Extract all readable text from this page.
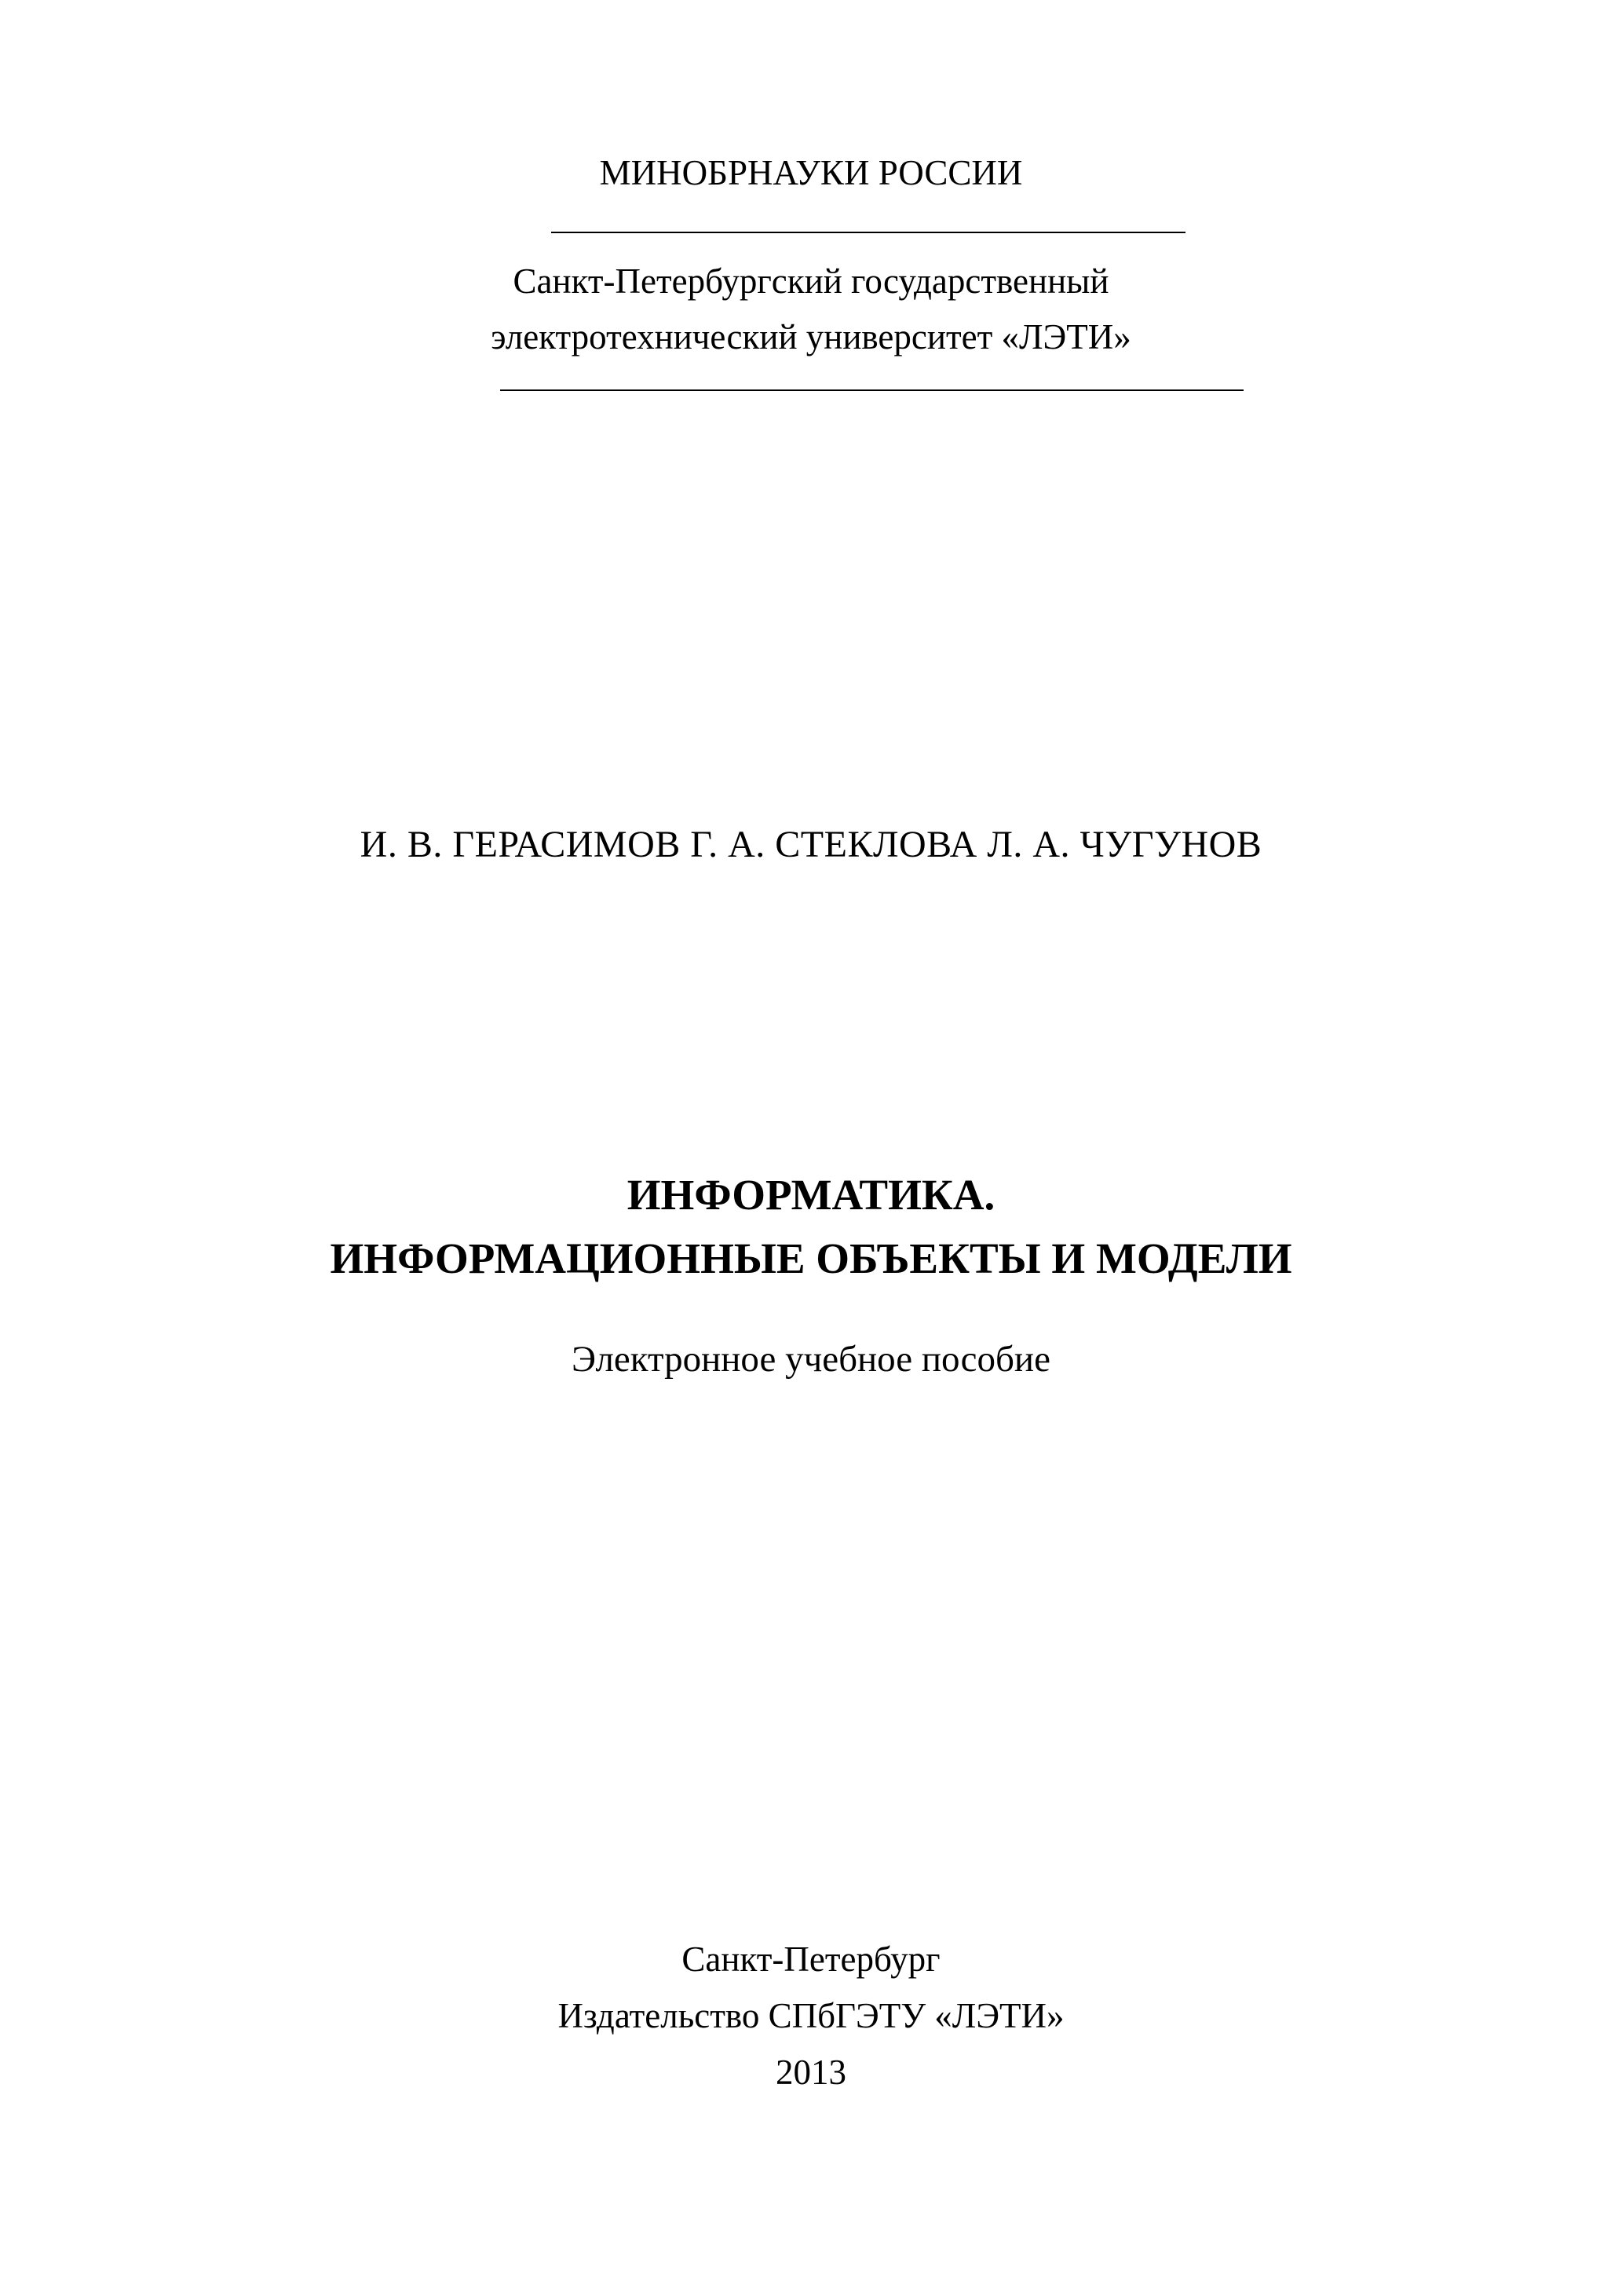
МИНОБРНАУКИ РОССИИ
Санкт-Петербургский государственный
электротехнический университет «ЛЭТИ»
И. В. ГЕРАСИМОВ Г. А. СТЕКЛОВА Л. А. ЧУГУНОВ
ИНФОРМАТИКА.
ИНФОРМАЦИОННЫЕ ОБЪЕКТЫ И МОДЕЛИ
Электронное учебное пособие
Санкт-Петербург
Издательство СПбГЭТУ «ЛЭТИ»
2013
